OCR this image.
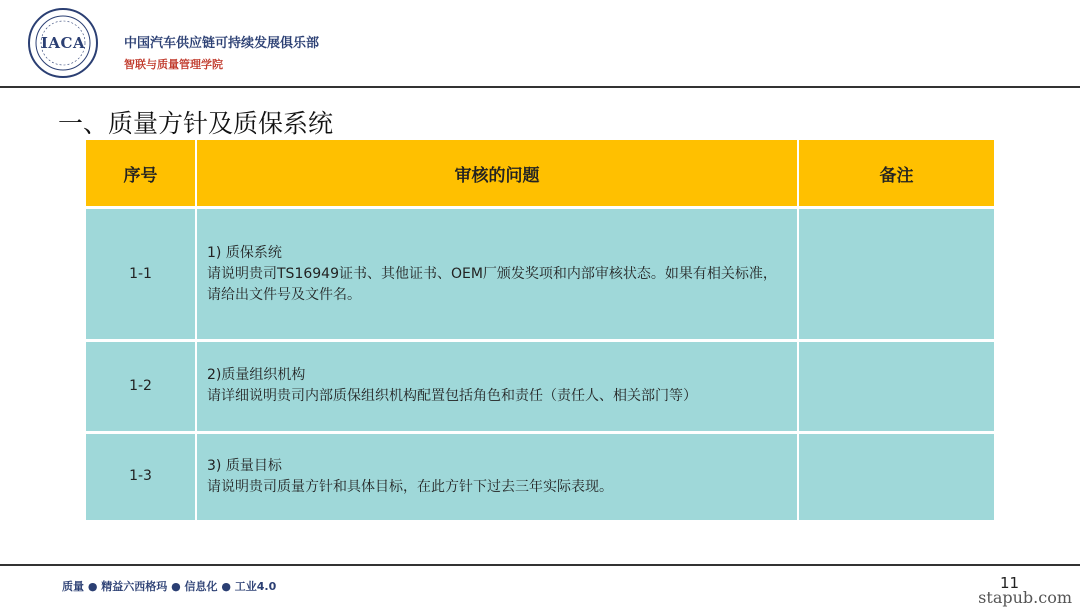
IACA	中国汽车供应链可持续发展俱乐部
智联与质量管理学院
一、质量方针及质保系统
序号	审核的问题	备注
1-1	1) 质保系统
请说明贵司TS16949证书、其他证书、OEM厂颁发奖项和内部审核状态。如果有相关标准，请给出文件号及文件名。	

1-2	2)质量组织机构
请详细说明贵司内部质保组织机构配置包括角色和责任（责任人、相关部门等）	

1-3	3) 质量目标
请说明贵司质量方针和具体目标，在此方针下过去三年实际表现。	

质量 ● 精益六西格玛 ● 信息化 ● 工业4.0	11
stapub.com
